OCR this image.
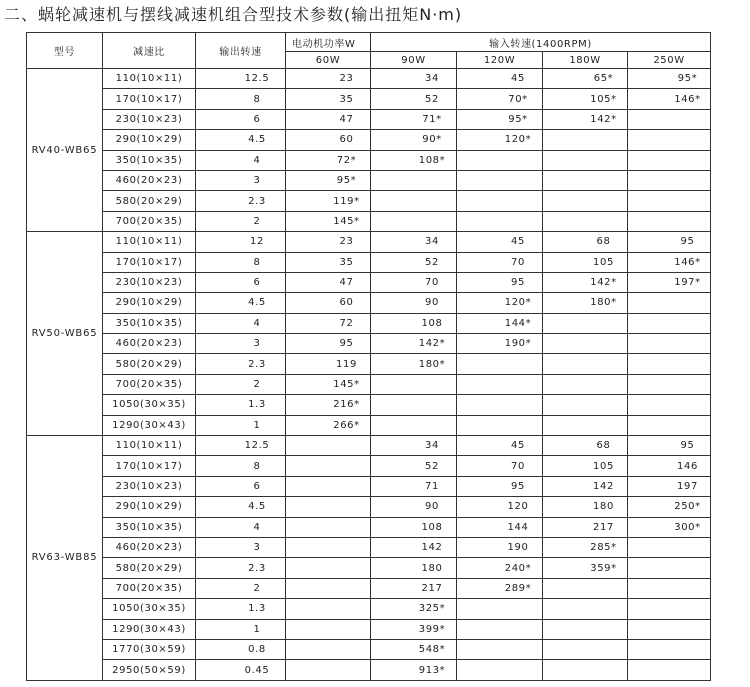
二、蜗轮减速机与摆线减速机组合型技术参数(输出扭矩N·m)
型号	减速比	输出转速	电动机功率W	输入转速(1400RPM)			
			60W	90W	120W	180W	250W
RV40-WB65	110(10×11)	12.5	23	34	45	65*	95*
	170(10×17)	8	35	52	70*	105*	146*
	230(10×23)	6	47	71*	95*	142*	
	290(10×29)	4.5	60	90*	120*		
	350(10×35)	4	72*	108*			
	460(20×23)	3	95*				
	580(20×29)	2.3	119*				
	700(20×35)	2	145*				
RV50-WB65	110(10×11)	12	23	34	45	68	95
	170(10×17)	8	35	52	70	105	146*
	230(10×23)	6	47	70	95	142*	197*
	290(10×29)	4.5	60	90	120*	180*	
	350(10×35)	4	72	108	144*		
	460(20×23)	3	95	142*	190*		
	580(20×29)	2.3	119	180*			
	700(20×35)	2	145*				
	1050(30×35)	1.3	216*				
	1290(30×43)	1	266*				
RV63-WB85	110(10×11)	12.5		34	45	68	95
	170(10×17)	8		52	70	105	146
	230(10×23)	6		71	95	142	197
	290(10×29)	4.5		90	120	180	250*
	350(10×35)	4		108	144	217	300*
	460(20×23)	3		142	190	285*	
	580(20×29)	2.3		180	240*	359*	
	700(20×35)	2		217	289*		
	1050(30×35)	1.3		325*			
	1290(30×43)	1		399*			
	1770(30×59)	0.8		548*			
	2950(50×59)	0.45		913*			
